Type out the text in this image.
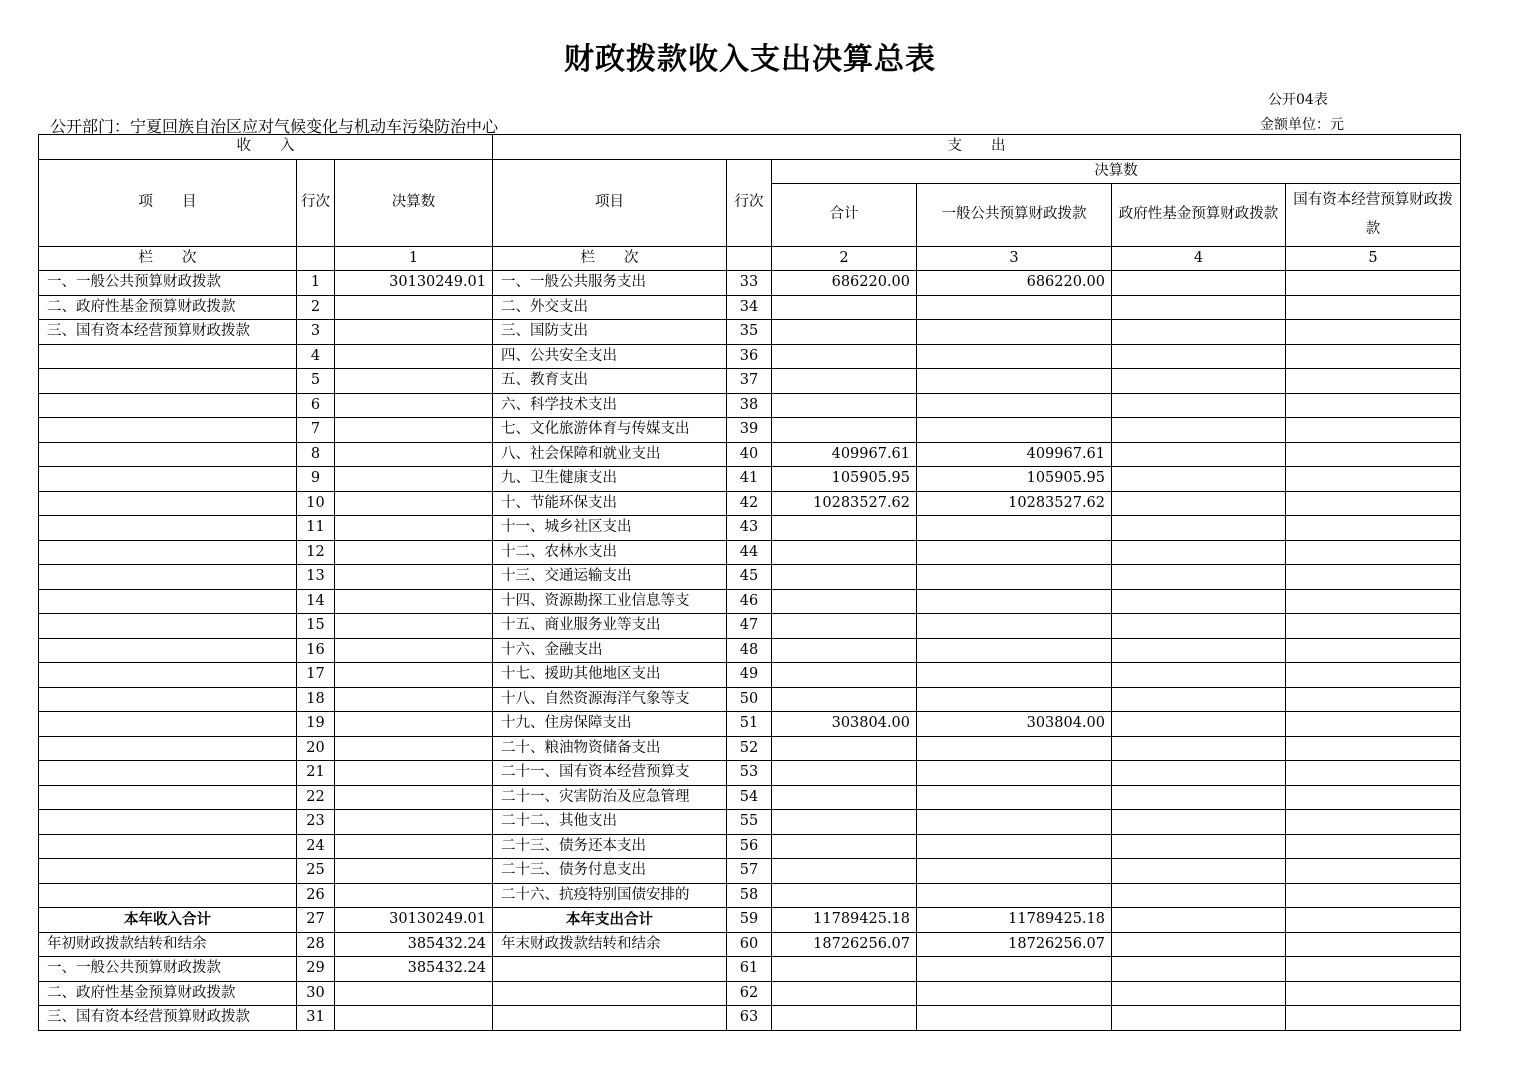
财政拨款收入支出决算总表
公开04表
公开部门：宁夏回族自治区应对气候变化与机动车污染防治中心	金额单位：元
收　　入			支　　出					
项　　目	行次	决算数	项目	行次	决算数			
					合计	一般公共预算财政拨款	政府性基金预算财政拨款	国有资本经营预算财政拨款
栏　　次		1	栏　　次		2	3	4	5
一、一般公共预算财政拨款	1	30130249.01	一、一般公共服务支出	33	686220.00	686220.00		
二、政府性基金预算财政拨款	2		二、外交支出	34				
三、国有资本经营预算财政拨款	3		三、国防支出	35				
	4		四、公共安全支出	36				
	5		五、教育支出	37				
	6		六、科学技术支出	38				
	7		七、文化旅游体育与传媒支出	39				
	8		八、社会保障和就业支出	40	409967.61	409967.61		
	9		九、卫生健康支出	41	105905.95	105905.95		
	10		十、节能环保支出	42	10283527.62	10283527.62		
	11		十一、城乡社区支出	43				
	12		十二、农林水支出	44				
	13		十三、交通运输支出	45				
	14		十四、资源勘探工业信息等支	46				
	15		十五、商业服务业等支出	47				
	16		十六、金融支出	48				
	17		十七、援助其他地区支出	49				
	18		十八、自然资源海洋气象等支	50				
	19		十九、住房保障支出	51	303804.00	303804.00		
	20		二十、粮油物资储备支出	52				
	21		二十一、国有资本经营预算支	53				
	22		二十一、灾害防治及应急管理	54				
	23		二十二、其他支出	55				
	24		二十三、债务还本支出	56				
	25		二十三、债务付息支出	57				
	26		二十六、抗疫特别国债安排的	58				
本年收入合计	27	30130249.01	本年支出合计	59	11789425.18	11789425.18		
年初财政拨款结转和结余	28	385432.24	年末财政拨款结转和结余	60	18726256.07	18726256.07		
一、一般公共预算财政拨款	29	385432.24		61				
二、政府性基金预算财政拨款	30			62				
三、国有资本经营预算财政拨款	31			63				
